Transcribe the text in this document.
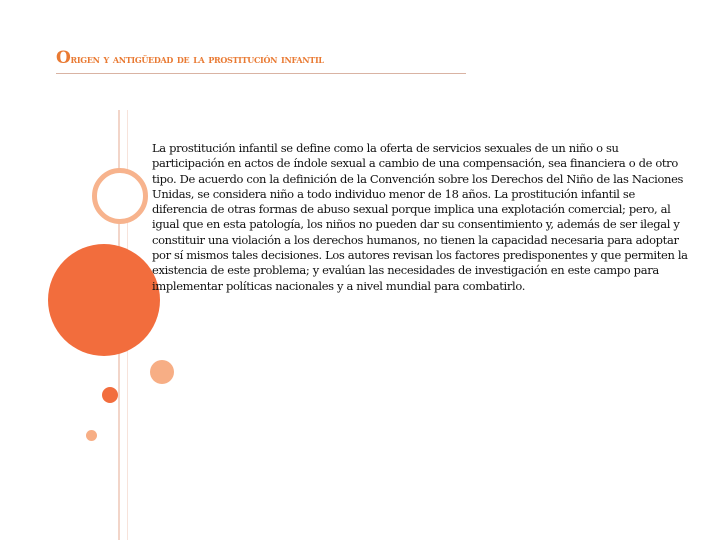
Origen y antigüedad de la prostitución infantil

La prostitución infantil se define como la oferta de servicios sexuales de un niño o su participación en actos de índole sexual a cambio de una compensación, sea financiera o de otro tipo. De acuerdo con la definición de la Convención sobre los Derechos del Niño de las Naciones Unidas, se considera niño a todo individuo menor de 18 años. La prostitución infantil se diferencia de otras formas de abuso sexual porque implica una explotación comercial; pero, al igual que en esta patología, los niños no pueden dar su consentimiento y, además de ser ilegal y constituir una violación a los derechos humanos, no tienen la capacidad necesaria para adoptar por sí mismos tales decisiones. Los autores revisan los factores predisponentes y que permiten la existencia de este problema; y evalúan las necesidades de investigación en este campo para implementar políticas nacionales y a nivel mundial para combatirlo.
